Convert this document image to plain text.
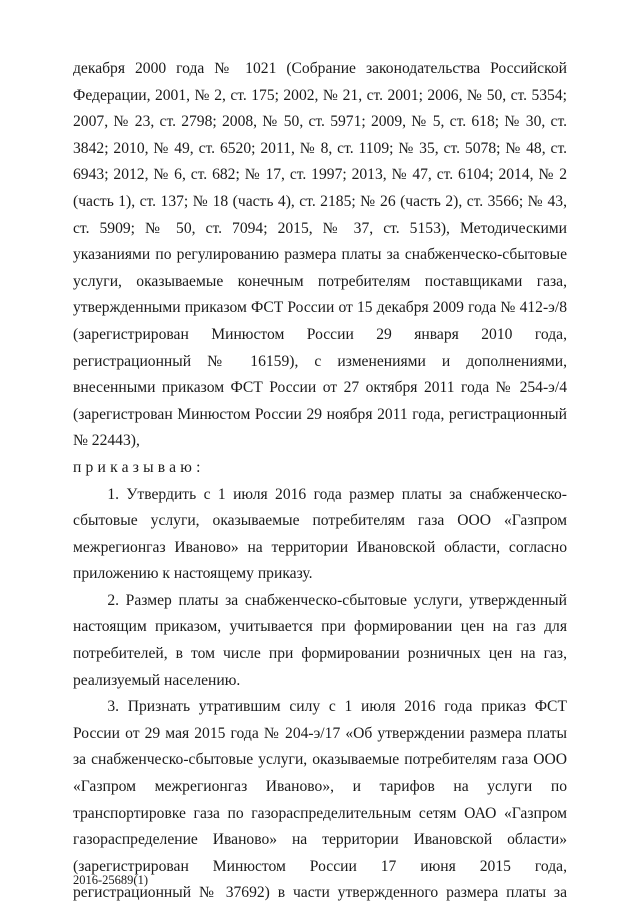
декабря 2000 года № 1021 (Собрание законодательства Российской Федерации, 2001, № 2, ст. 175; 2002, № 21, ст. 2001; 2006, № 50, ст. 5354; 2007, № 23, ст. 2798; 2008, № 50, ст. 5971; 2009, № 5, ст. 618; № 30, ст. 3842; 2010, № 49, ст. 6520; 2011, № 8, ст. 1109; № 35, ст. 5078; № 48, ст. 6943; 2012, № 6, ст. 682; № 17, ст. 1997; 2013, № 47, ст. 6104; 2014, № 2 (часть 1), ст. 137; № 18 (часть 4), ст. 2185; № 26 (часть 2), ст. 3566; № 43, ст. 5909; № 50, ст. 7094; 2015, № 37, ст. 5153), Методическими указаниями по регулированию размера платы за снабженческо-сбытовые услуги, оказываемые конечным потребителям поставщиками газа, утвержденными приказом ФСТ России от 15 декабря 2009 года № 412-э/8 (зарегистрирован Минюстом России 29 января 2010 года, регистрационный № 16159), с изменениями и дополнениями, внесенными приказом ФСТ России от 27 октября 2011 года № 254-э/4 (зарегистрован Минюстом России 29 ноября 2011 года, регистрационный № 22443),

приказываю:

1. Утвердить с 1 июля 2016 года размер платы за снабженческо-сбытовые услуги, оказываемые потребителям газа ООО «Газпром межрегионгаз Иваново» на территории Ивановской области, согласно приложению к настоящему приказу.

2. Размер платы за снабженческо-сбытовые услуги, утвержденный настоящим приказом, учитывается при формировании цен на газ для потребителей, в том числе при формировании розничных цен на газ, реализуемый населению.

3. Признать утратившим силу с 1 июля 2016 года приказ ФСТ России от 29 мая 2015 года № 204-э/17 «Об утверждении размера платы за снабженческо-сбытовые услуги, оказываемые потребителям газа ООО «Газпром межрегионгаз Иваново», и тарифов на услуги по транспортировке газа по газораспределительным сетям ОАО «Газпром газораспределение Иваново» на территории Ивановской области» (зарегистрирован Минюстом России 17 июня 2015 года, регистрационный № 37692) в части утвержденного размера платы за

2016-25689(1)
